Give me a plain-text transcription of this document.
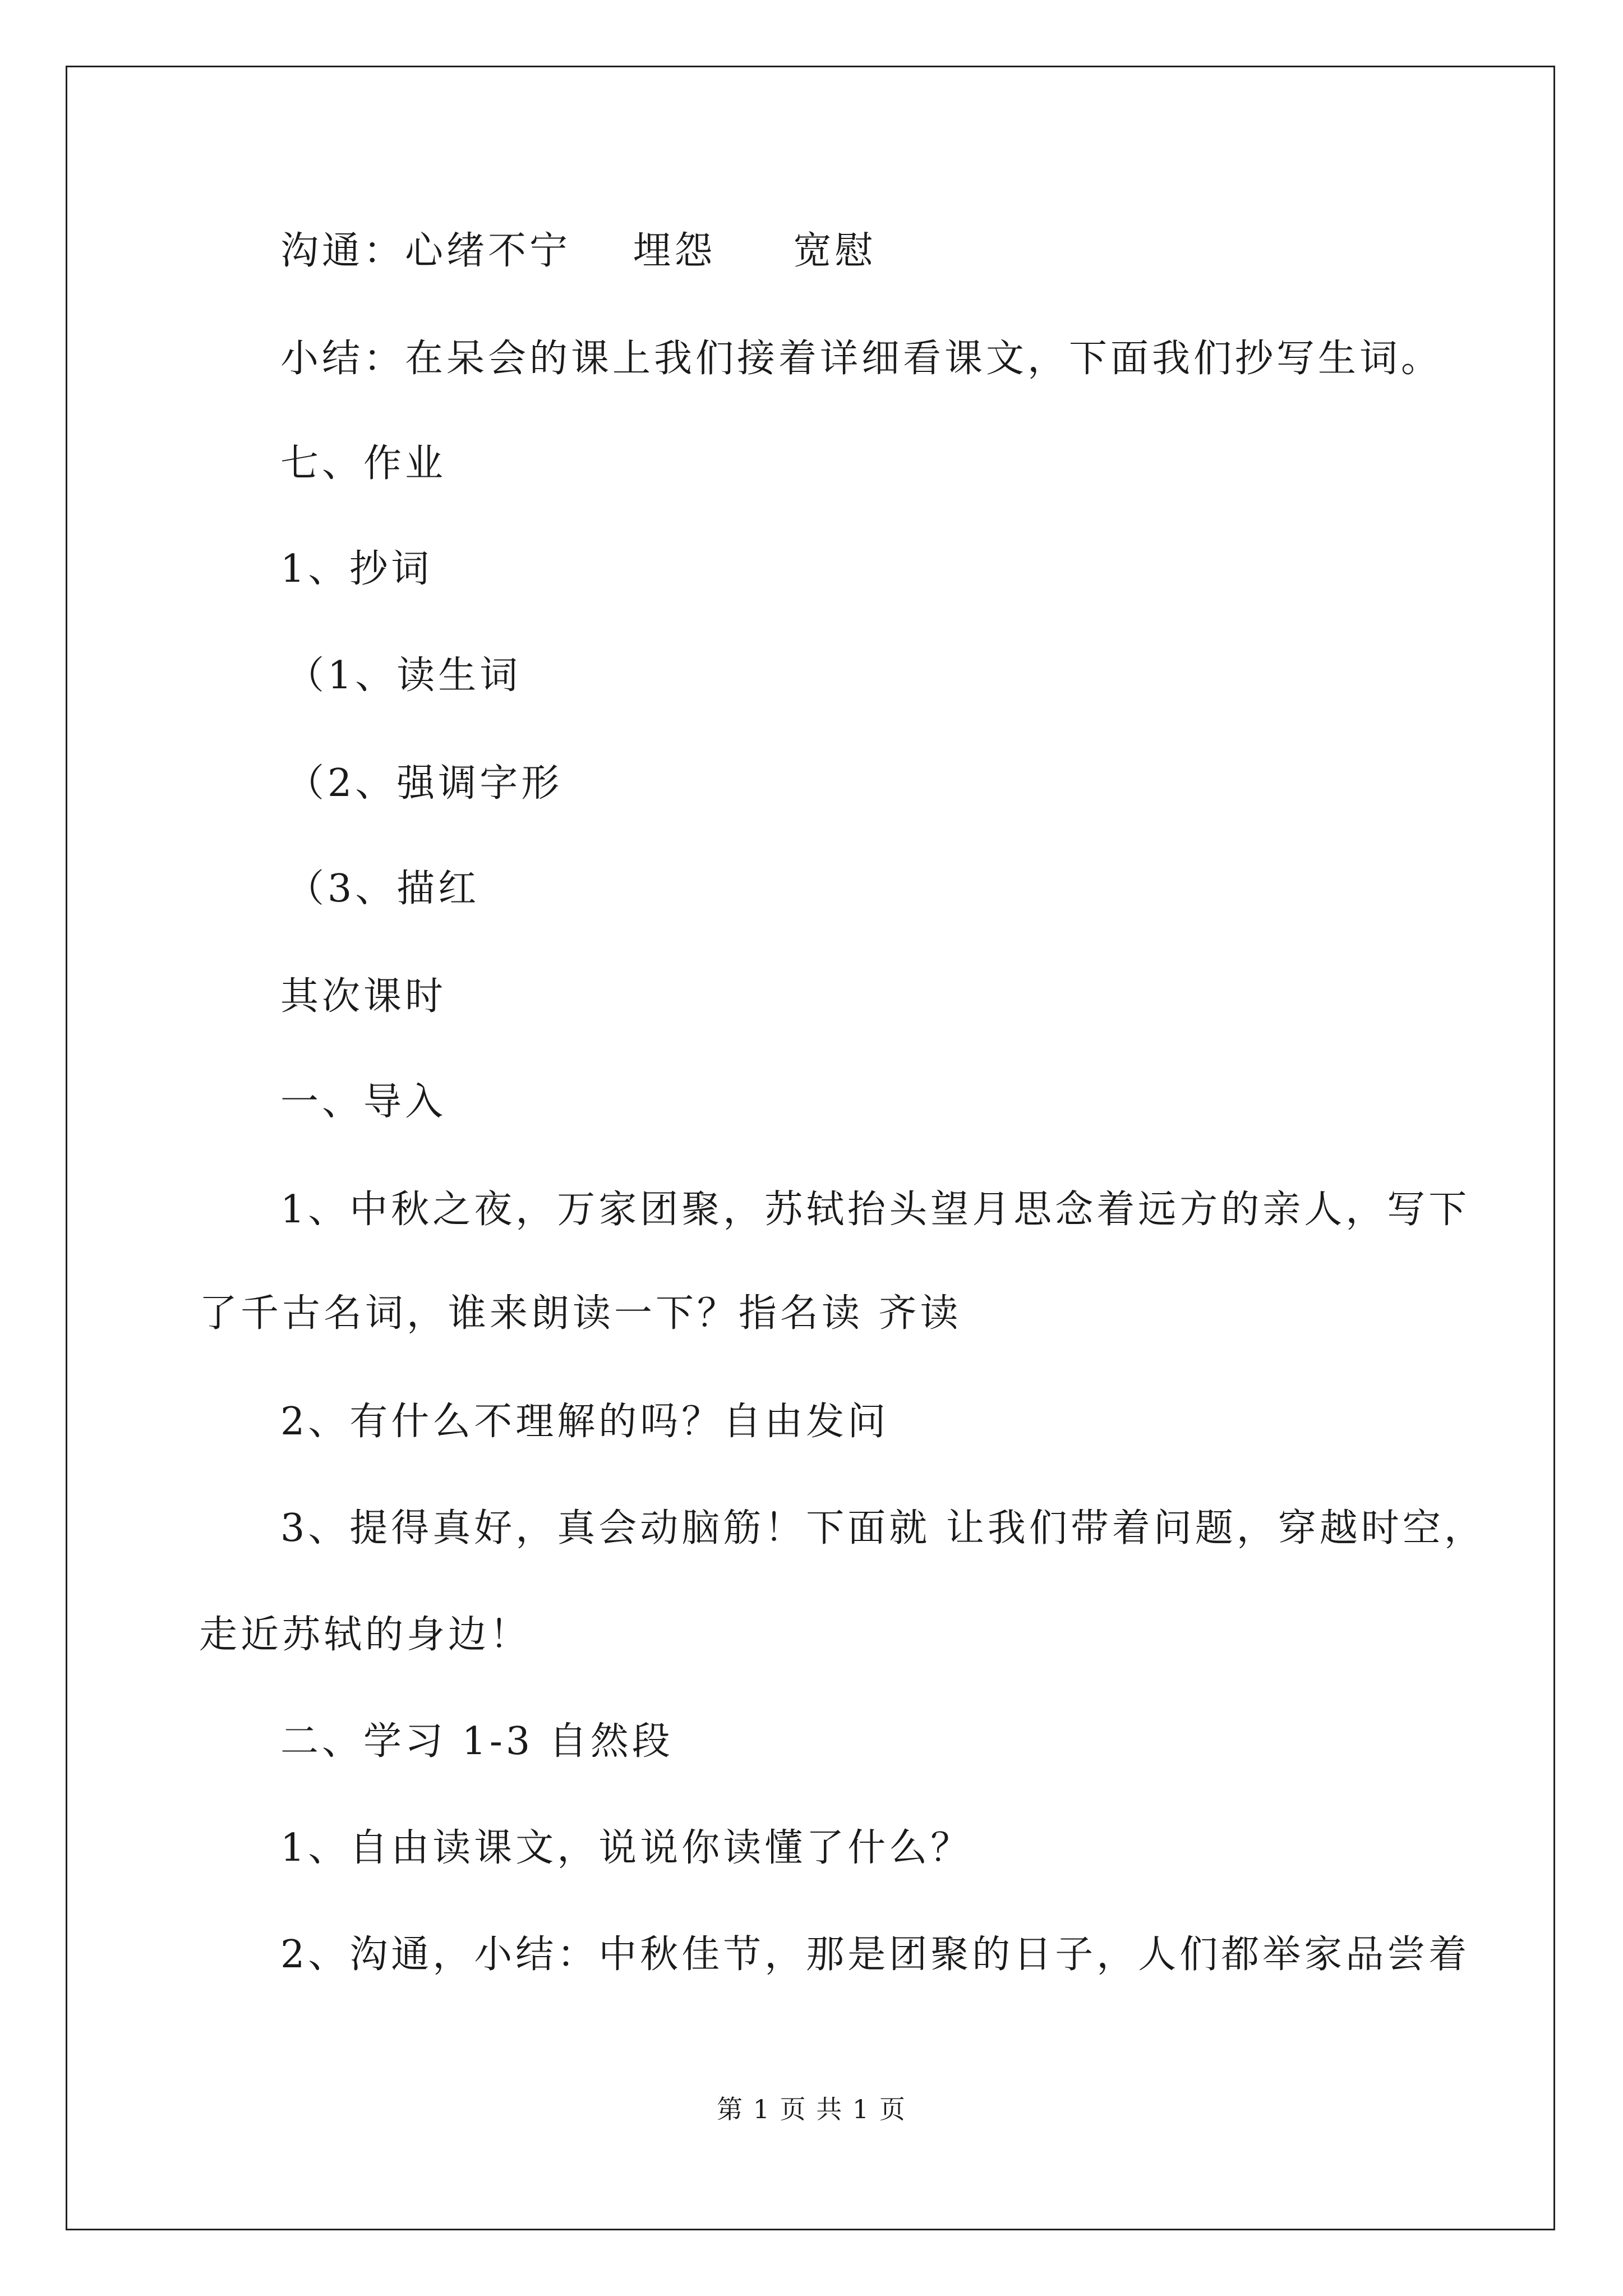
沟通：心绪不宁    埋怨     宽慰
小结：在呆会的课上我们接着详细看课文，下面我们抄写生词。
七、作业
1、抄词
（1、读生词
（2、强调字形
（3、描红
其次课时
一、导入
1、中秋之夜，万家团聚，苏轼抬头望月思念着远方的亲人，写下
了千古名词，谁来朗读一下？指名读 齐读
2、有什么不理解的吗？自由发问
3、提得真好，真会动脑筋！下面就 让我们带着问题，穿越时空，
走近苏轼的身边！
二、学习 1-3 自然段
1、自由读课文，说说你读懂了什么？
2、沟通，小结：中秋佳节，那是团聚的日子，人们都举家品尝着
第 1 页 共 1 页
